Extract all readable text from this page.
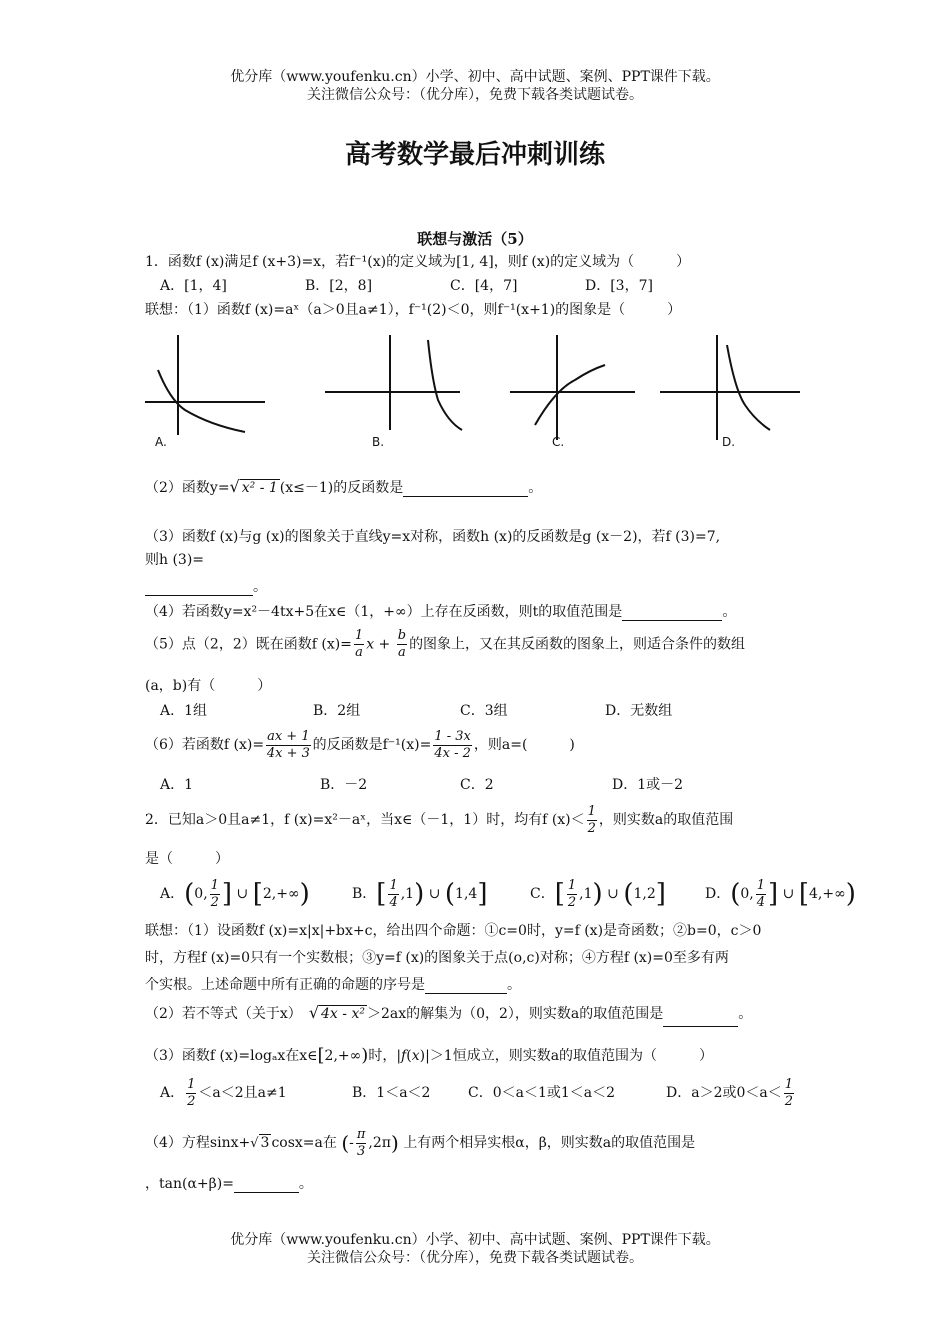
优分库（www.youfenku.cn）小学、初中、高中试题、案例、PPT课件下载。
关注微信公众号：（优分库），免费下载各类试题试卷。
高考数学最后冲刺训练
联想与激活（5）
1．函数f (x)满足f (x+3)=x，若f⁻¹(x)的定义域为[1, 4]，则f (x)的定义域为（　　　）
A．[1，4]	B．[2，8]	C．[4，7]	D．[3，7]
联想：（1）函数f (x)=aˣ（a＞0且a≠1），f⁻¹(2)＜0，则f⁻¹(x+1)的图象是（　　　）
A.	B.	C.	D.
（2）函数y=√ x² - 1 (x≤－1)的反函数是	。
（3）函数f (x)与g (x)的图象关于直线y=x对称，函数h (x)的反函数是g (x－2)，若f (3)=7,
则h (3)=
。
（4）若函数y=x²－4tx+5在x∈（1，+∞）上存在反函数，则t的取值范围是	。
（5）点（2，2）既在函数f $(x)= \frac{1}{a}$ $x + \frac{b}{a}$ 的图象上，又在其反函数的图象上，则适合条件的数组
(a，b)有（　　　）
A．1组	B．2组	C．3组	D．无数组
（6）若函数f $(x)= \frac{ax + 1}{4x + 3}$ 的反函数是$f^{-1}(x)= \frac{1 - 3x}{4x - 2}$ ，则a=(　　　)
A．1	B．－2	C．2	D．1或－2
2．已知a＞0且a≠1，f (x)=x²－aˣ，当x∈（－1，1）时，均有f $(x)< \frac{1}{2}$ ，则实数a的取值范围
是（　　　）
A．(0, $\frac{1}{2}$ ] ∪ [2,+∞)	B．[ $\frac{1}{4} ,1$) ∪ (1,4]	C．[ $\frac{1}{2} ,1$) ∪ (1,2]	D．(0, $\frac{1}{4}$ ] ∪ [4,+∞)
联想：（1）设函数f (x)=x|x|+bx+c，给出四个命题：①c=0时，y=f (x)是奇函数；②b=0，c＞0
时，方程f (x)=0只有一个实数根；③y=f (x)的图象关于点(o,c)对称；④方程f (x)=0至多有两
个实根。上述命题中所有正确的命题的序号是	。
（2）若不等式（关于x）　 √ 4x - x² ＞2ax的解集为（0，2），则实数a的取值范围是	。
（3）函数f (x)=logₐx在x∈[2,+∞)时，|f(x)|＞1恒成立，则实数a的取值范围为（　　　）
A． $\frac{1}{2} <a<2$且a≠1	B．1＜a＜2	C．0＜a＜1或1＜a＜2	D．a＞2或$0<a< \frac{1}{2}$
（4）方程sinx+√ 3 cosx=a在 (- $\frac{\pi}{3} ,2\pi$) 上有两个相异实根α，β，则实数a的取值范围是
，tan(α+β)=	。
优分库（www.youfenku.cn）小学、初中、高中试题、案例、PPT课件下载。
关注微信公众号：（优分库），免费下载各类试题试卷。
